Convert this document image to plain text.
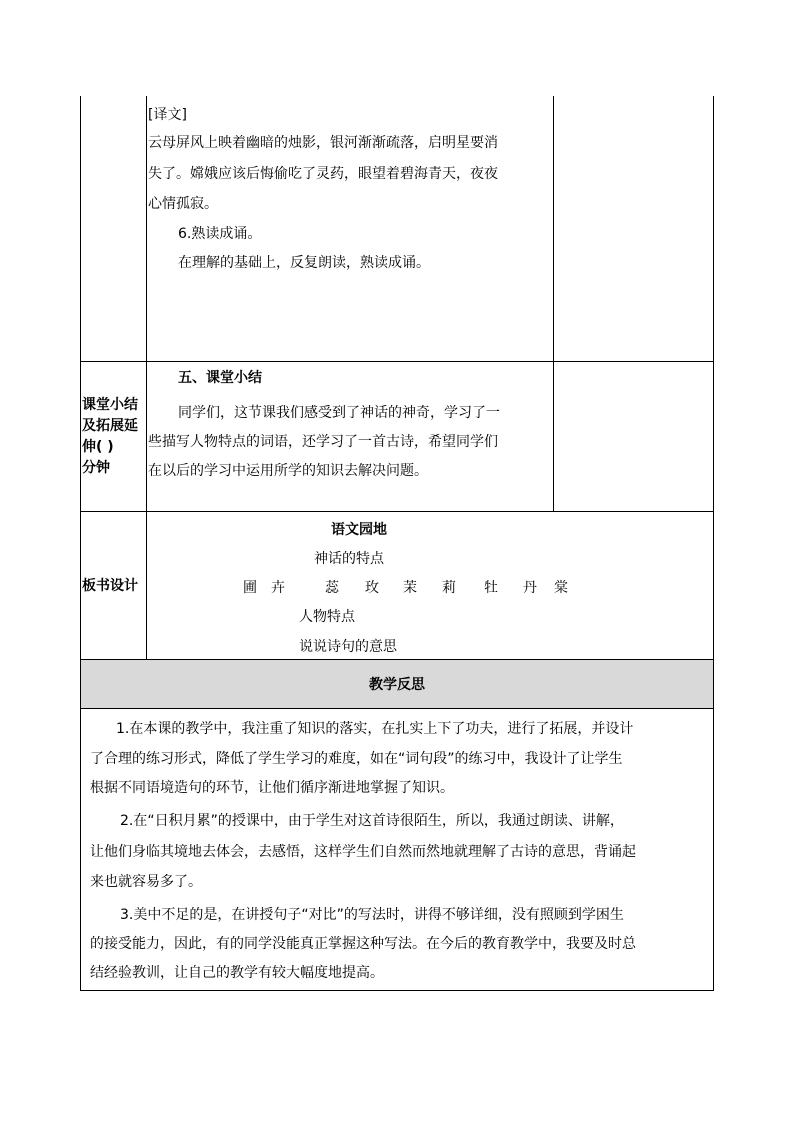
[译文]
云母屏风上映着幽暗的烛影，银河渐渐疏落，启明星要消
失了。嫦娥应该后悔偷吃了灵药，眼望着碧海青天，夜夜
心情孤寂。
6.熟读成诵。
在理解的基础上，反复朗读，熟读成诵。
课堂小结
及拓展延
伸( )
分钟
五、课堂小结
同学们，这节课我们感受到了神话的神奇，学习了一
些描写人物特点的词语，还学习了一首古诗，希望同学们
在以后的学习中运用所学的知识去解决问题。
板书设计
语文园地
神话的特点
圃 卉	蕊 玫 茉 莉 牡 丹 棠
人物特点
说说诗句的意思
教学反思
1.在本课的教学中，我注重了知识的落实，在扎实上下了功夫，进行了拓展，并设计
了合理的练习形式，降低了学生学习的难度，如在“词句段”的练习中，我设计了让学生
根据不同语境造句的环节，让他们循序渐进地掌握了知识。
2.在“日积月累”的授课中，由于学生对这首诗很陌生，所以，我通过朗读、讲解，
让他们身临其境地去体会，去感悟，这样学生们自然而然地就理解了古诗的意思，背诵起
来也就容易多了。
3.美中不足的是，在讲授句子“对比”的写法时，讲得不够详细，没有照顾到学困生
的接受能力，因此，有的同学没能真正掌握这种写法。在今后的教育教学中，我要及时总
结经验教训，让自己的教学有较大幅度地提高。
